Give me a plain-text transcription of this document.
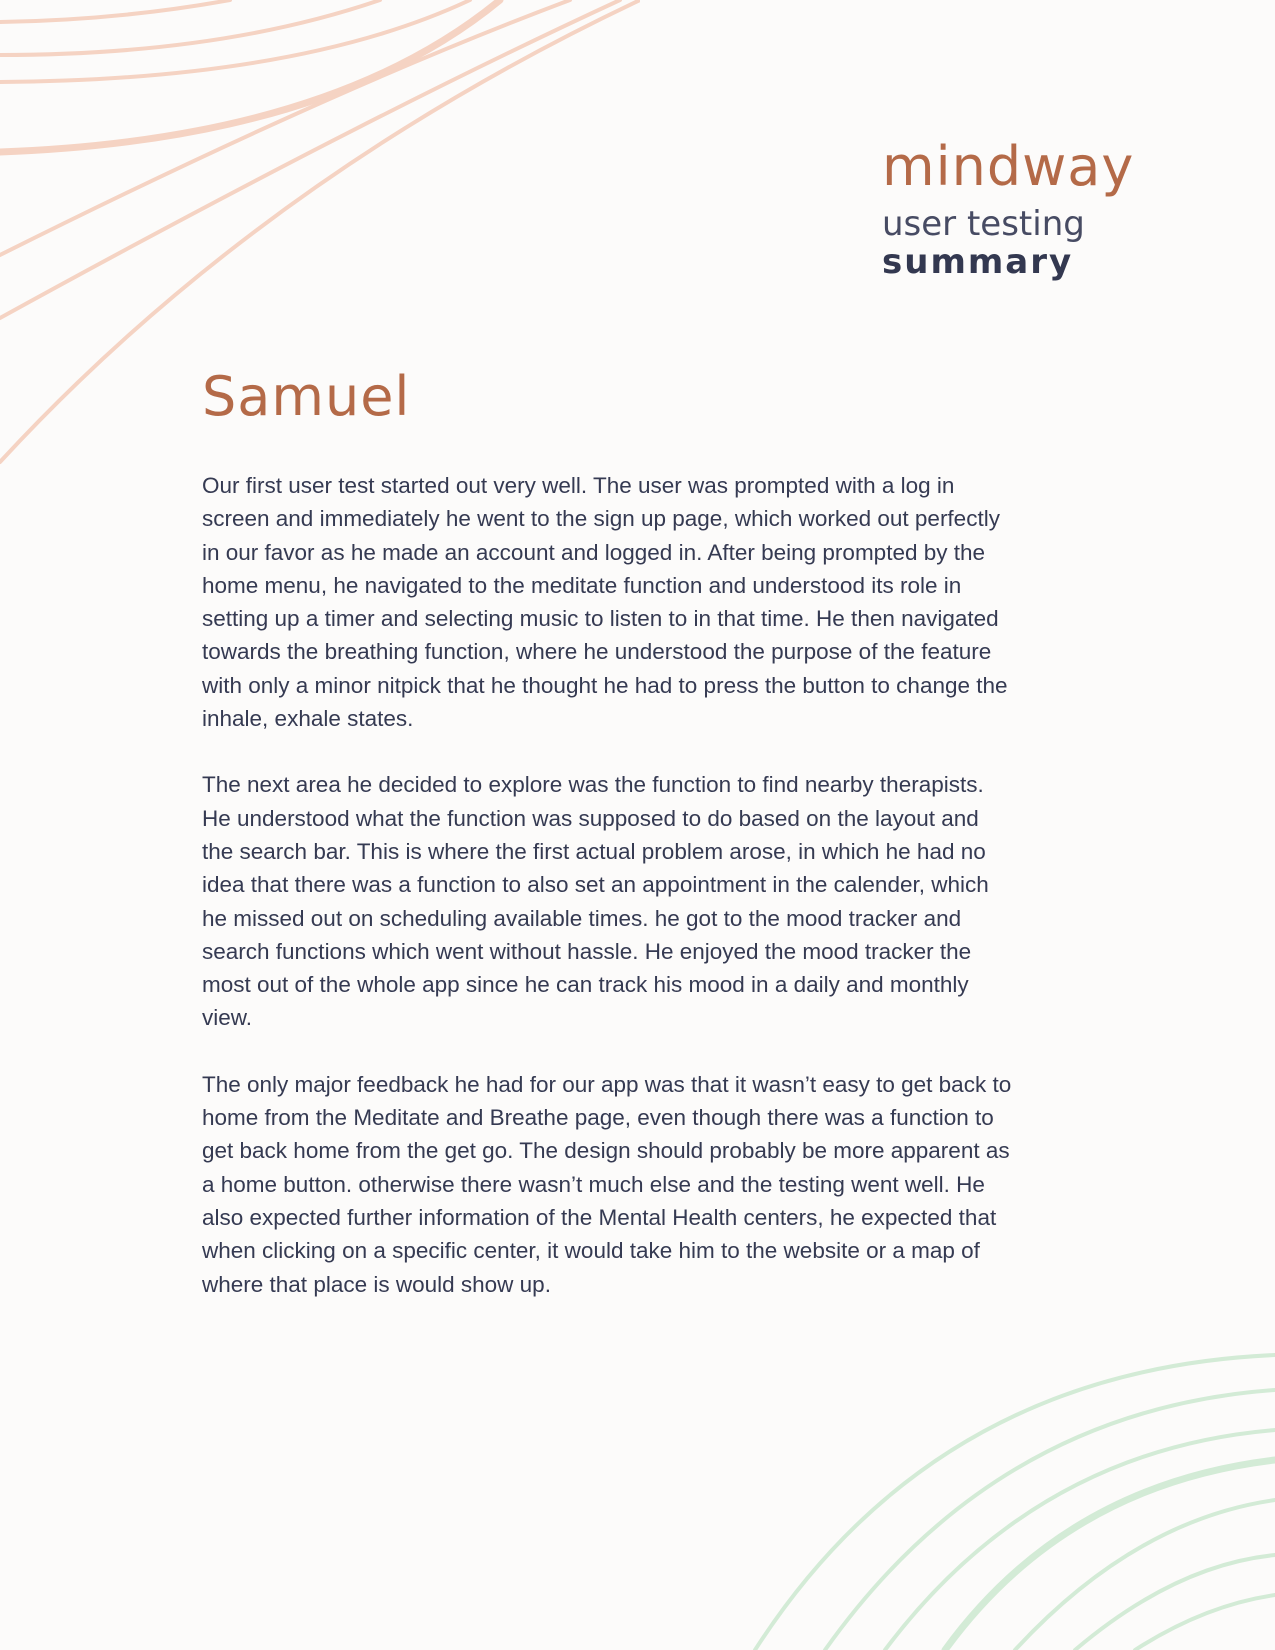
mindway
user testing
summary
Samuel

Our first user test started out very well. The user was prompted with a log in screen and immediately he went to the sign up page, which worked out perfectly in our favor as he made an account and logged in. After being prompted by the home menu, he navigated to the meditate function and understood its role in setting up a timer and selecting music to listen to in that time. He then navigated towards the breathing function, where he understood the purpose of the feature with only a minor nitpick that he thought he had to press the button to change the inhale, exhale states.

The next area he decided to explore was the function to find nearby therapists. He understood what the function was supposed to do based on the layout and the search bar. This is where the first actual problem arose, in which he had no idea that there was a function to also set an appointment in the calender, which he missed out on scheduling available times. he got to the mood tracker and search functions which went without hassle. He enjoyed the mood tracker the most out of the whole app since he can track his mood in a daily and monthly view.

The only major feedback he had for our app was that it wasn’t easy to get back to home from the Meditate and Breathe page, even though there was a function to get back home from the get go. The design should probably be more apparent as a home button. otherwise there wasn’t much else and the testing went well. He also expected further information of the Mental Health centers, he expected that when clicking on a specific center, it would take him to the website or a map of where that place is would show up.
